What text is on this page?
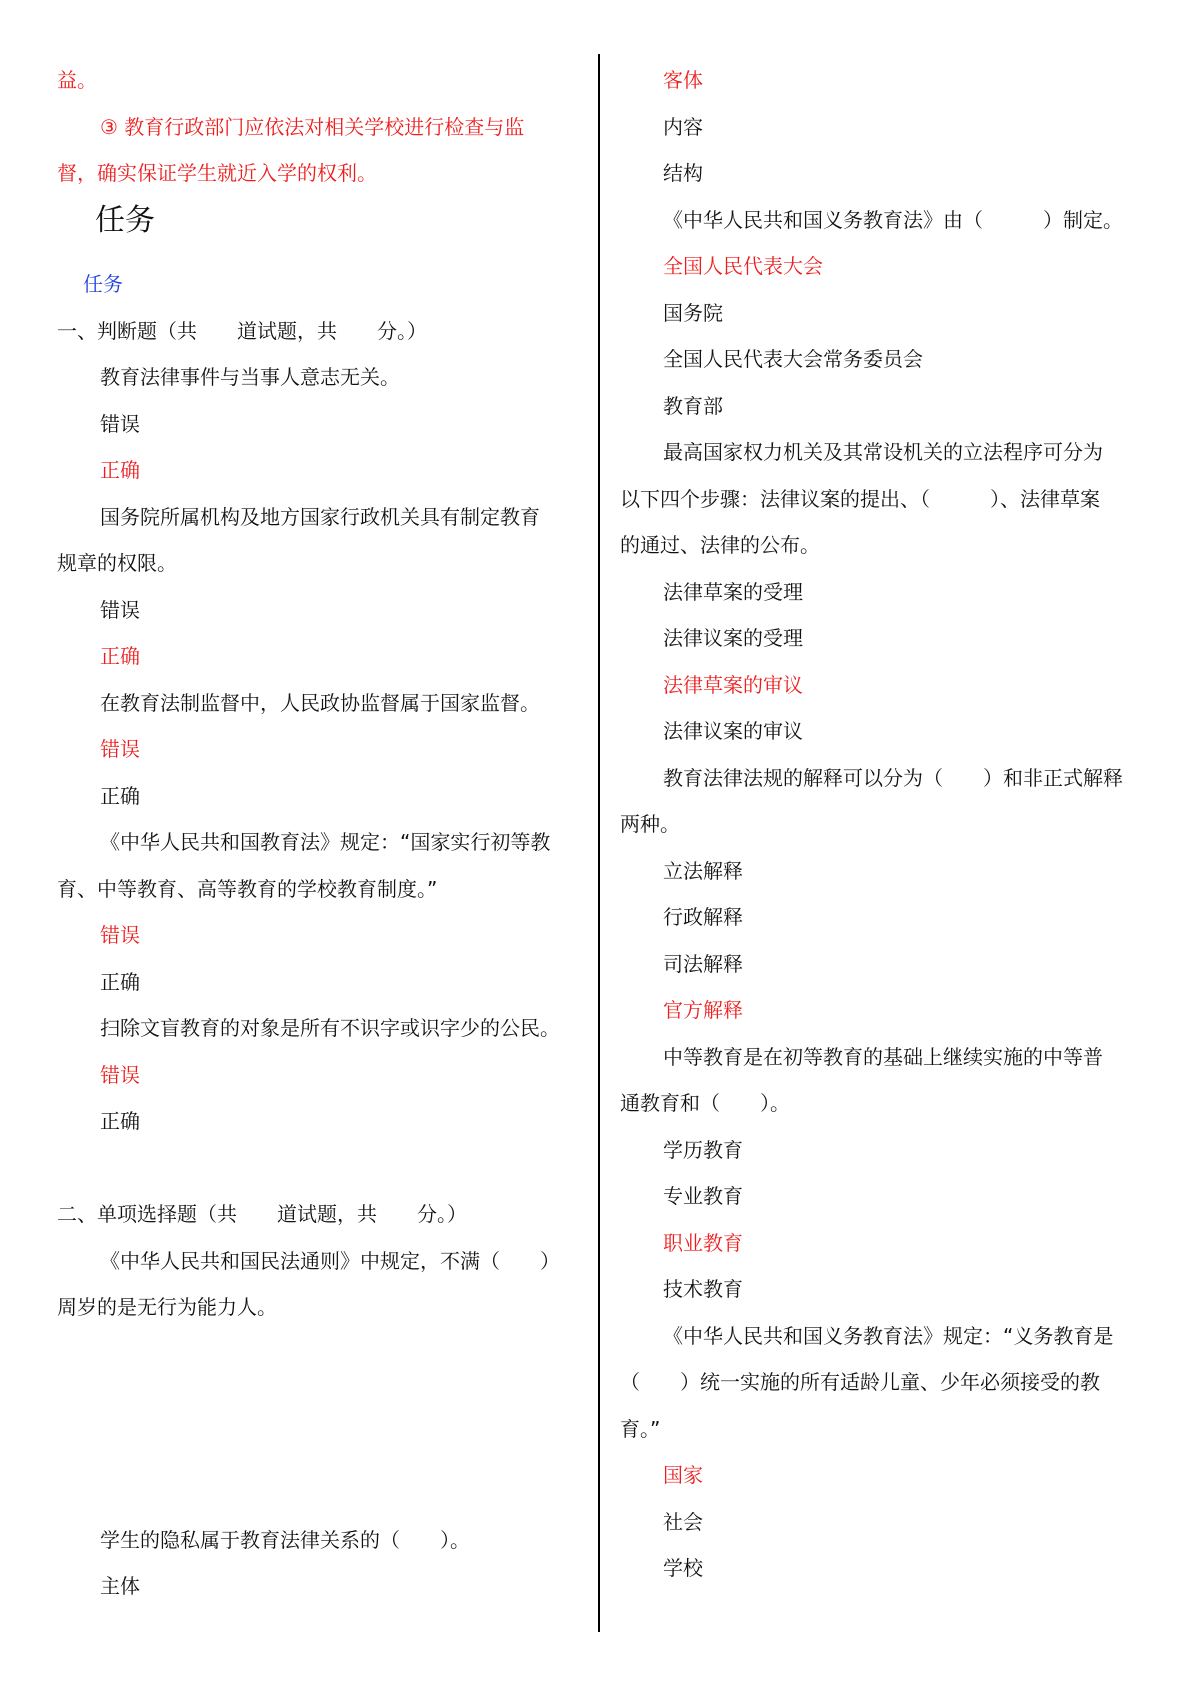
益。
③ 教育行政部门应依法对相关学校进行检查与监
督，确实保证学生就近入学的权利。
任务
任务
一、判断题（共　　道试题，共　　分。）
教育法律事件与当事人意志无关。
错误
正确
国务院所属机构及地方国家行政机关具有制定教育
规章的权限。
错误
正确
在教育法制监督中，人民政协监督属于国家监督。
错误
正确
《中华人民共和国教育法》规定：“国家实行初等教
育、中等教育、高等教育的学校教育制度。”
错误
正确
扫除文盲教育的对象是所有不识字或识字少的公民。
错误
正确
二、单项选择题（共　　道试题，共　　分。）
《中华人民共和国民法通则》中规定，不满（　　）
周岁的是无行为能力人。
学生的隐私属于教育法律关系的（　　）。
主体
客体
内容
结构
《中华人民共和国义务教育法》由（　　　）制定。
全国人民代表大会
国务院
全国人民代表大会常务委员会
教育部
最高国家权力机关及其常设机关的立法程序可分为
以下四个步骤：法律议案的提出、（　　　）、法律草案
的通过、法律的公布。
法律草案的受理
法律议案的受理
法律草案的审议
法律议案的审议
教育法律法规的解释可以分为（　　）和非正式解释
两种。
立法解释
行政解释
司法解释
官方解释
中等教育是在初等教育的基础上继续实施的中等普
通教育和（　　）。
学历教育
专业教育
职业教育
技术教育
《中华人民共和国义务教育法》规定：“义务教育是
（　　）统一实施的所有适龄儿童、少年必须接受的教
育。”
国家
社会
学校
